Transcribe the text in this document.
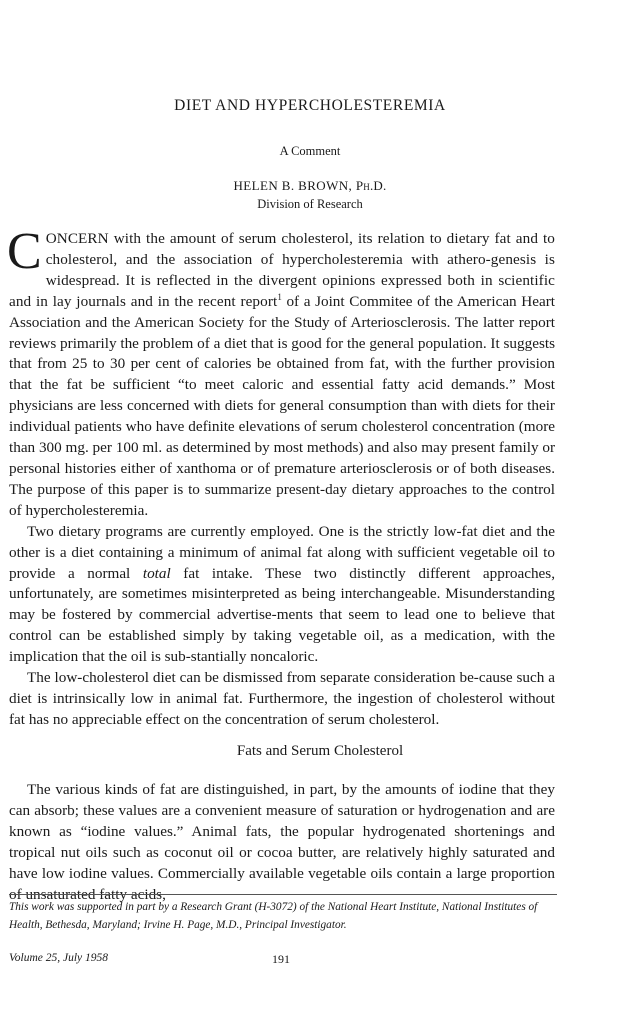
DIET AND HYPERCHOLESTEREMIA
A Comment
HELEN B. BROWN, Ph.D.
Division of Research

CONCERN with the amount of serum cholesterol, its relation to dietary fat and to cholesterol, and the association of hypercholesteremia with athero-genesis is widespread. It is reflected in the divergent opinions expressed both in scientific and in lay journals and in the recent report$^1$ of a Joint Commitee of the American Heart Association and the American Society for the Study of Arteriosclerosis. The latter report reviews primarily the problem of a diet that is good for the general population. It suggests that from 25 to 30 per cent of calories be obtained from fat, with the further provision that the fat be sufficient “to meet caloric and essential fatty acid demands.” Most physicians are less concerned with diets for general consumption than with diets for their individual patients who have definite elevations of serum cholesterol concentration (more than 300 mg. per 100 ml. as determined by most methods) and also may present family or personal histories either of xanthoma or of premature arteriosclerosis or of both diseases. The purpose of this paper is to summarize present-day dietary approaches to the control of hypercholesteremia.

Two dietary programs are currently employed. One is the strictly low-fat diet and the other is a diet containing a minimum of animal fat along with sufficient vegetable oil to provide a normal total fat intake. These two distinctly different approaches, unfortunately, are sometimes misinterpreted as being interchangeable. Misunderstanding may be fostered by commercial advertise-ments that seem to lead one to believe that control can be established simply by taking vegetable oil, as a medication, with the implication that the oil is sub-stantially noncaloric.

The low-cholesterol diet can be dismissed from separate consideration be-cause such a diet is intrinsically low in animal fat. Furthermore, the ingestion of cholesterol without fat has no appreciable effect on the concentration of serum cholesterol.

Fats and Serum Cholesterol

The various kinds of fat are distinguished, in part, by the amounts of iodine that they can absorb; these values are a convenient measure of saturation or hydrogenation and are known as “iodine values.” Animal fats, the popular hydrogenated shortenings and tropical nut oils such as coconut oil or cocoa butter, are relatively highly saturated and have low iodine values. Commercially available vegetable oils contain a large proportion of unsaturated fatty acids,

This work was supported in part by a Research Grant (H-3072) of the National Heart Institute, National Institutes of Health, Bethesda, Maryland; Irvine H. Page, M.D., Principal Investigator.
Volume 25, July 1958	191
